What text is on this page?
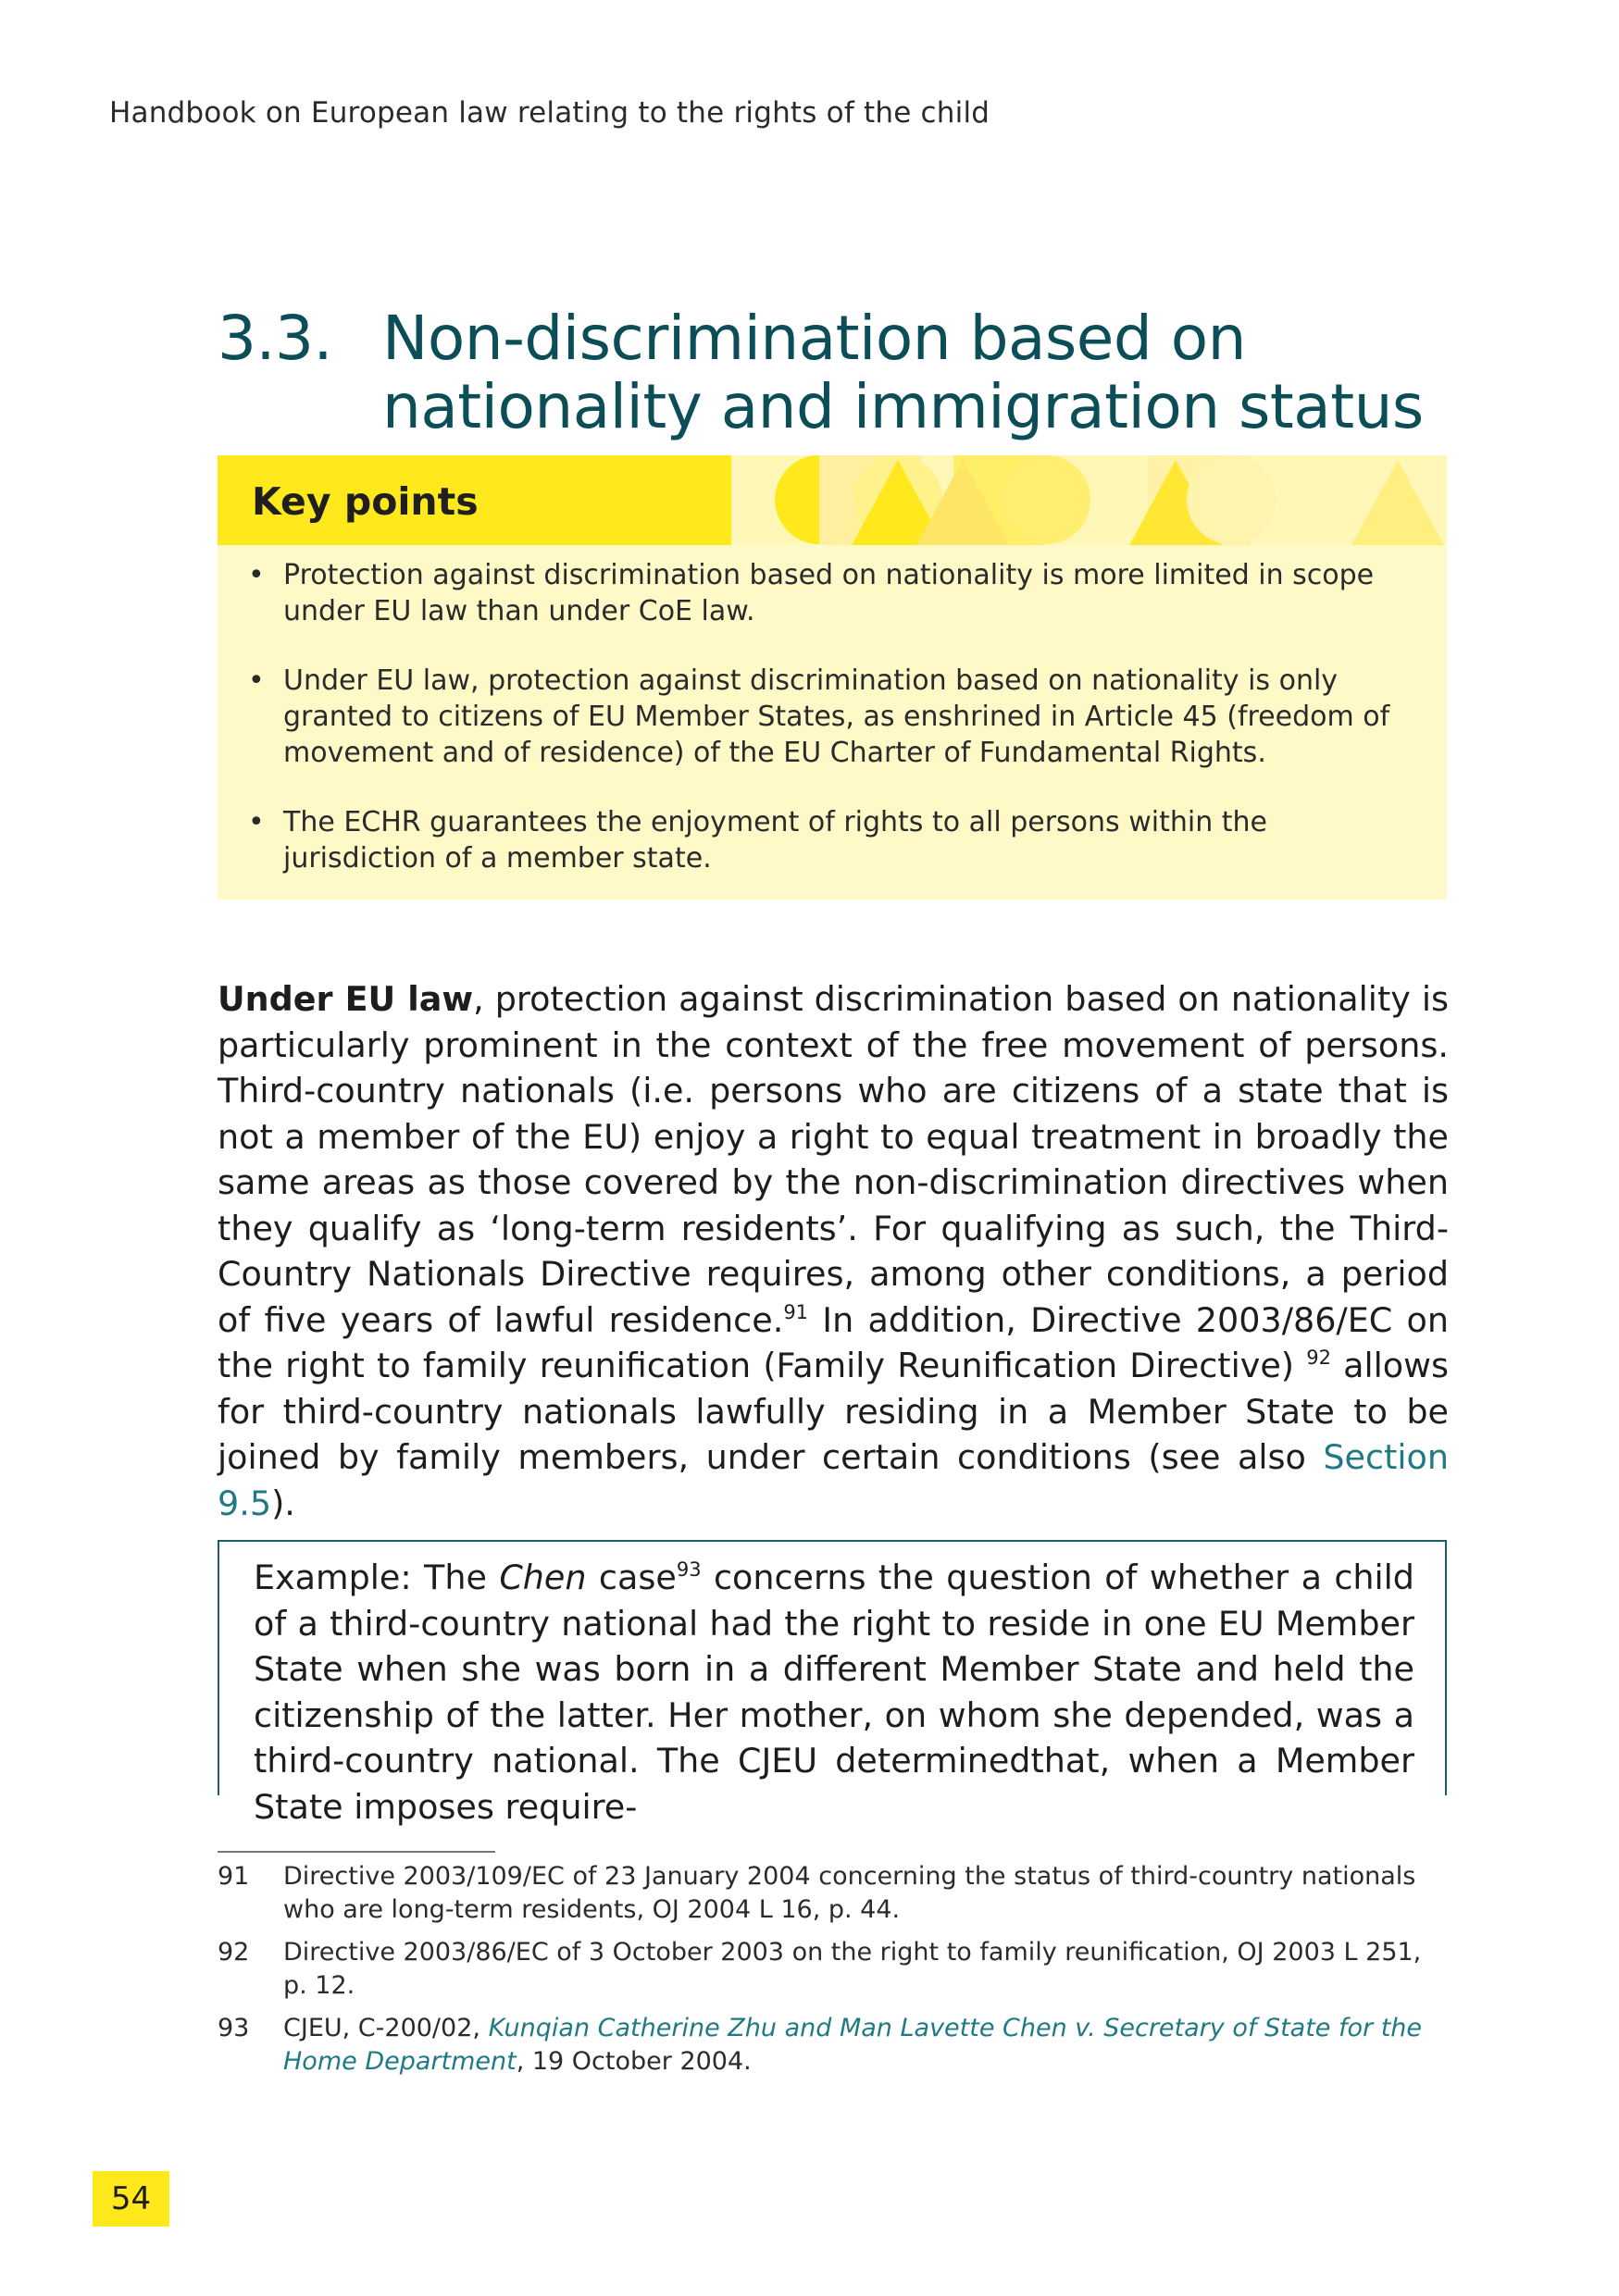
Handbook on European law relating to the rights of the child
3.3. Non-discrimination based on
nationality and immigration status
Key points
• Protection against discrimination based on nationality is more limited in scope under EU law than under CoE law.
• Under EU law, protection against discrimination based on nationality is only granted to citizens of EU Member States, as enshrined in Article 45 (freedom of movement and of residence) of the EU Charter of Fundamental Rights.
• The ECHR guarantees the enjoyment of rights to all persons within the jurisdiction of a member state.

Under EU law, protection against discrimination based on nationality is particularly prominent in the context of the free movement of persons. Third-country nationals (i.e. persons who are citizens of a state that is not a member of the EU) enjoy a right to equal treatment in broadly the same areas as those covered by the non-discrimination directives when they qualify as ‘long-term residents’. For qualifying as such, the Third-Country Nationals Directive requires, among other conditions, a period of five years of lawful residence.$^{91}$ In addition, Directive 2003/86/EC on the right to family reunification (Family Reunification Directive) $^{92}$ allows for third-country nationals lawfully residing in a Member State to be joined by family members, under certain conditions (see also Section 9.5).

Example: The Chen case$^{93}$ concerns the question of whether a child of a third-country national had the right to reside in one EU Member State when she was born in a different Member State and held the citizenship of the latter. Her mother, on whom she depended, was a third-country national. The CJEU determinedthat, when a Member State imposes require-
91 Directive 2003/109/EC of 23 January 2004 concerning the status of third-country nationals who are long-term residents, OJ 2004 L 16, p. 44.
92 Directive 2003/86/EC of 3 October 2003 on the right to family reunification, OJ 2003 L 251, p. 12.
93 CJEU, C-200/02, Kunqian Catherine Zhu and Man Lavette Chen v. Secretary of State for the Home Department, 19 October 2004.
54
